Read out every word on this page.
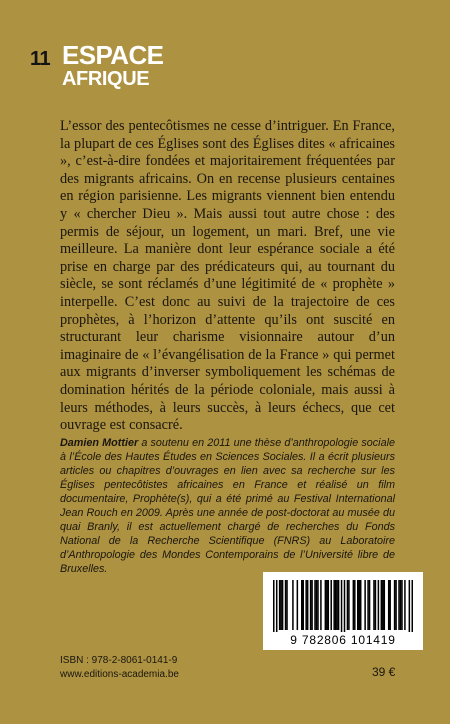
11 ESPACE
AFRIQUE

L’essor des pentecôtismes ne cesse d’intriguer. En France, la plupart de ces Églises sont des Églises dites « africaines », c’est-à-dire fondées et majoritairement fréquentées par des migrants africains. On en recense plusieurs centaines en région parisienne. Les migrants viennent bien entendu y « chercher Dieu ». Mais aussi tout autre chose : des permis de séjour, un logement, un mari. Bref, une vie meilleure. La manière dont leur espérance sociale a été prise en charge par des prédicateurs qui, au tournant du siècle, se sont réclamés d’une légitimité de « prophète » interpelle. C’est donc au suivi de la trajectoire de ces prophètes, à l’horizon d’attente qu’ils ont suscité en structurant leur charisme visionnaire autour d’un imaginaire de « l’évangélisation de la France » qui permet aux migrants d’inverser symboliquement les schémas de domination hérités de la période coloniale, mais aussi à leurs méthodes, à leurs succès, à leurs échecs, que cet ouvrage est consacré.

Damien Mottier a soutenu en 2011 une thèse d’anthropologie sociale à l’École des Hautes Études en Sciences Sociales. Il a écrit plusieurs articles ou chapitres d’ouvrages en lien avec sa recherche sur les Églises pentecôtistes africaines en France et réalisé un film documentaire, Prophète(s), qui a été primé au Festival International Jean Rouch en 2009. Après une année de post-doctorat au musée du quai Branly, il est actuellement chargé de recherches du Fonds National de la Recherche Scientifique (FNRS) au Laboratoire d’Anthropologie des Mondes Contemporains de l’Université libre de Bruxelles.

9 782806 101419
ISBN : 978-2-8061-0141-9
www.editions-academia.be	39 €
